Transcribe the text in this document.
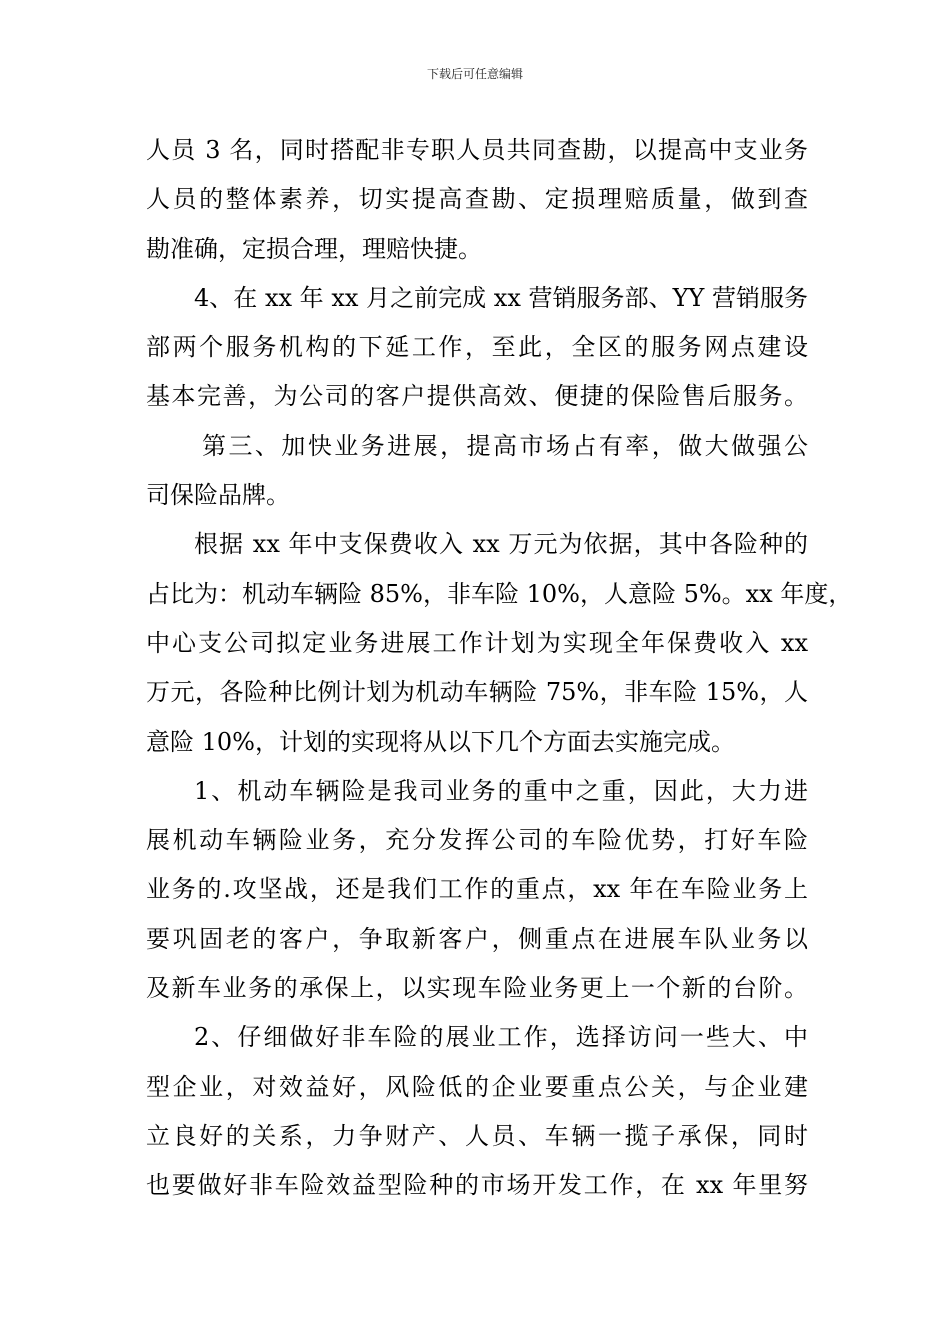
下载后可任意编辑
人员 3 名，同时搭配非专职人员共同查勘，以提高中支业务
人员的整体素养，切实提高查勘、定损理赔质量，做到查
勘准确，定损合理，理赔快捷。
4、在 xx 年 xx 月之前完成 xx 营销服务部、YY 营销服务
部两个服务机构的下延工作，至此，全区的服务网点建设
基本完善，为公司的客户提供高效、便捷的保险售后服务。
第三、加快业务进展，提高市场占有率，做大做强公
司保险品牌。
根据 xx 年中支保费收入 xx 万元为依据，其中各险种的
占比为：机动车辆险 85%，非车险 10%，人意险 5%。xx 年度，
中心支公司拟定业务进展工作计划为实现全年保费收入 xx
万元，各险种比例计划为机动车辆险 75%，非车险 15%，人
意险 10%，计划的实现将从以下几个方面去实施完成。
1、机动车辆险是我司业务的重中之重，因此，大力进
展机动车辆险业务，充分发挥公司的车险优势，打好车险
业务的.攻坚战，还是我们工作的重点，xx 年在车险业务上
要巩固老的客户，争取新客户，侧重点在进展车队业务以
及新车业务的承保上，以实现车险业务更上一个新的台阶。
2、仔细做好非车险的展业工作，选择访问一些大、中
型企业，对效益好，风险低的企业要重点公关，与企业建
立良好的关系，力争财产、人员、车辆一揽子承保，同时
也要做好非车险效益型险种的市场开发工作，在 xx 年里努
